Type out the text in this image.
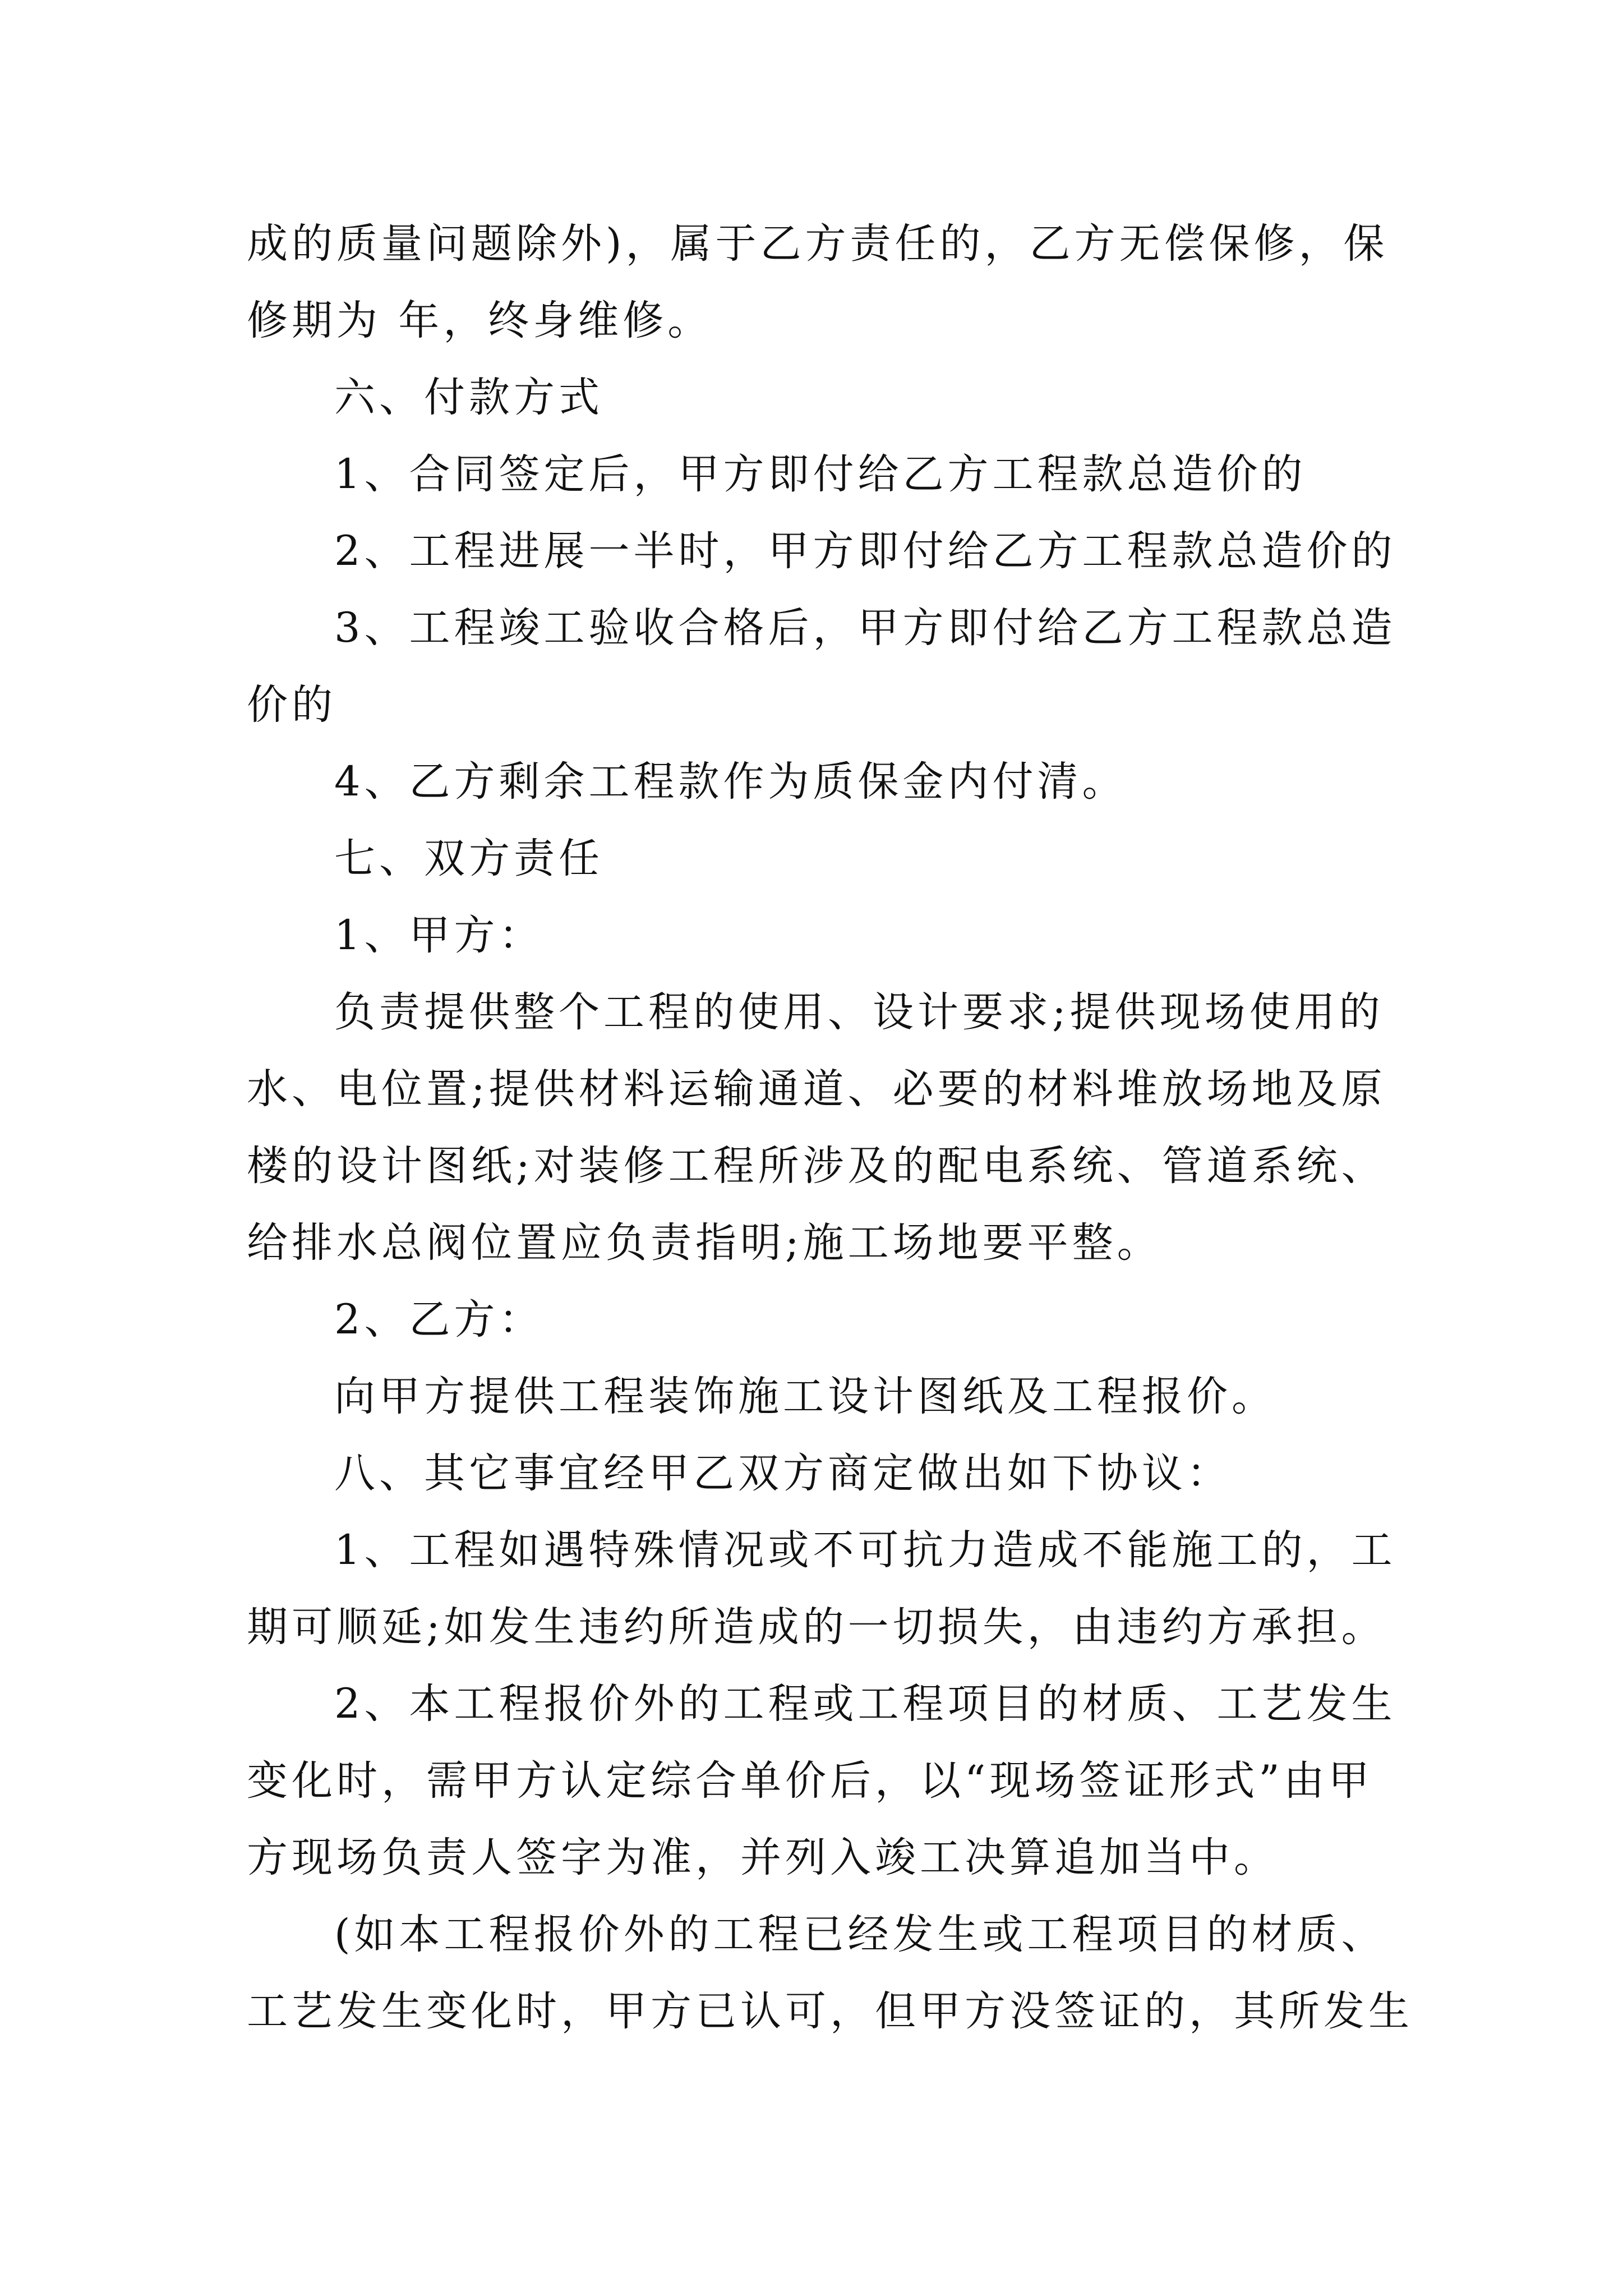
成的质量问题除外)，属于乙方责任的，乙方无偿保修，保
修期为 年，终身维修。
六、付款方式
1、合同签定后，甲方即付给乙方工程款总造价的
2、工程进展一半时，甲方即付给乙方工程款总造价的
3、工程竣工验收合格后，甲方即付给乙方工程款总造
价的
4、乙方剩余工程款作为质保金内付清。
七、双方责任
1、甲方：
负责提供整个工程的使用、设计要求;提供现场使用的
水、电位置;提供材料运输通道、必要的材料堆放场地及原
楼的设计图纸;对装修工程所涉及的配电系统、管道系统、
给排水总阀位置应负责指明;施工场地要平整。
2、乙方：
向甲方提供工程装饰施工设计图纸及工程报价。
八、其它事宜经甲乙双方商定做出如下协议：
1、工程如遇特殊情况或不可抗力造成不能施工的，工
期可顺延;如发生违约所造成的一切损失，由违约方承担。
2、本工程报价外的工程或工程项目的材质、工艺发生
变化时，需甲方认定综合单价后，以“现场签证形式”由甲
方现场负责人签字为准，并列入竣工决算追加当中。
(如本工程报价外的工程已经发生或工程项目的材质、
工艺发生变化时，甲方已认可，但甲方没签证的，其所发生
